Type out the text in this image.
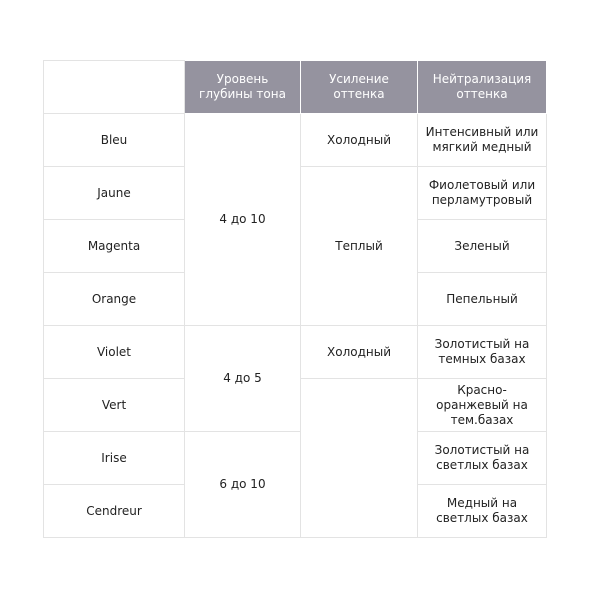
	Уровень глубины тона	Усиление оттенка	Нейтрализация оттенка
Bleu	4 до 10	Холодный	Интенсивный или мягкий медный
Jaune		Теплый	Фиолетовый или перламутровый
Magenta			Зеленый
Orange			Пепельный
Violet	4 до 5	Холодный	Золотистый на темных базах
Vert			Красно-оранжевый на тем.базах
Irise	6 до 10		Золотистый на светлых базах
Cendreur			Медный на светлых базах
